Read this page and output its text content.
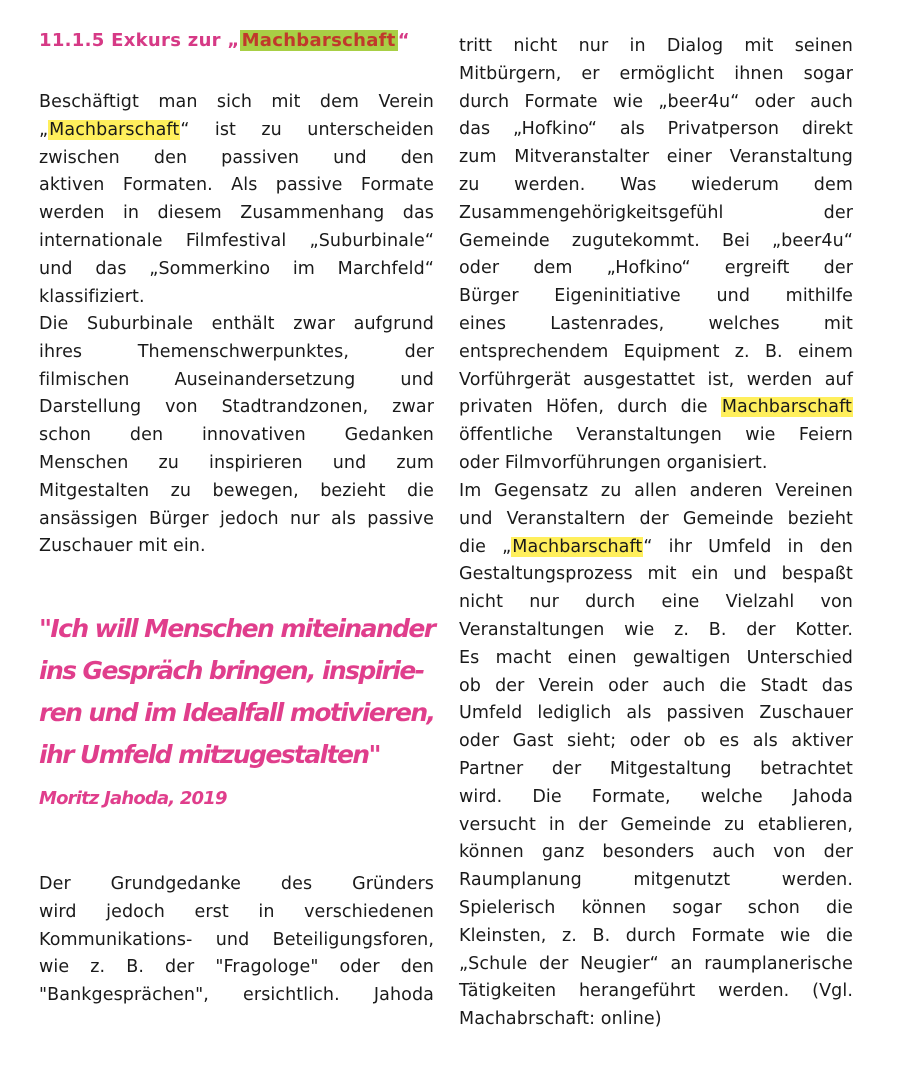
11.1.5 Exkurs zur „ Machbarschaft “
"Ich will Menschen miteinander
ins Gespräch bringen, inspirie-
ren und im Idealfall motivieren,
ihr Umfeld mitzugestalten"
Moritz Jahoda, 2019
Beschäftigt man sich mit dem Verein
„Machbarschaft“ ist zu unterscheiden
zwischen den passiven und den
aktiven Formaten. Als passive Formate
werden in diesem Zusammenhang das
internationale Filmfestival „Suburbinale“
und das „Sommerkino im Marchfeld“
klassifiziert.
Die Suburbinale enthält zwar aufgrund
ihres Themenschwerpunktes, der
filmischen Auseinandersetzung und
Darstellung von Stadtrandzonen, zwar
schon den innovativen Gedanken
Menschen zu inspirieren und zum
Mitgestalten zu bewegen, bezieht die
ansässigen Bürger jedoch nur als passive
Zuschauer mit ein.
Der Grundgedanke des Gründers
wird jedoch erst in verschiedenen
Kommunikations- und Beteiligungsforen,
wie z. B. der "Fragologe" oder den
"Bankgesprächen", ersichtlich. Jahoda
tritt nicht nur in Dialog mit seinen
Mitbürgern, er ermöglicht ihnen sogar
durch Formate wie „beer4u“ oder auch
das „Hofkino“ als Privatperson direkt
zum Mitveranstalter einer Veranstaltung
zu werden. Was wiederum dem
Zusammengehörigkeitsgefühl der
Gemeinde zugutekommt. Bei „beer4u“
oder dem „Hofkino“ ergreift der
Bürger Eigeninitiative und mithilfe
eines Lastenrades, welches mit
entsprechendem Equipment z. B. einem
Vorführgerät ausgestattet ist, werden auf
privaten Höfen, durch die Machbarschaft
öffentliche Veranstaltungen wie Feiern
oder Filmvorführungen organisiert.
Im Gegensatz zu allen anderen Vereinen
und Veranstaltern der Gemeinde bezieht
die „Machbarschaft“ ihr Umfeld in den
Gestaltungsprozess mit ein und bespaßt
nicht nur durch eine Vielzahl von
Veranstaltungen wie z. B. der Kotter.
Es macht einen gewaltigen Unterschied
ob der Verein oder auch die Stadt das
Umfeld lediglich als passiven Zuschauer
oder Gast sieht; oder ob es als aktiver
Partner der Mitgestaltung betrachtet
wird. Die Formate, welche Jahoda
versucht in der Gemeinde zu etablieren,
können ganz besonders auch von der
Raumplanung mitgenutzt werden.
Spielerisch können sogar schon die
Kleinsten, z. B. durch Formate wie die
„Schule der Neugier“ an raumplanerische
Tätigkeiten herangeführt werden. (Vgl.
Machabrschaft: online)
